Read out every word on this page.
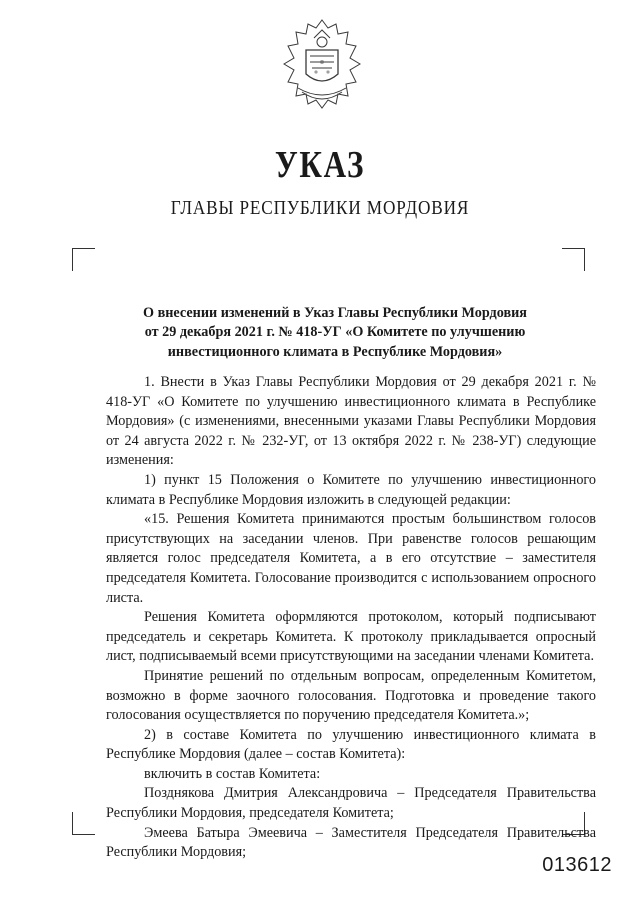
УКАЗ
ГЛАВЫ РЕСПУБЛИКИ МОРДОВИЯ
О внесении изменений в Указ Главы Республики Мордовия
от 29 декабря 2021 г. № 418-УГ «О Комитете по улучшению
инвестиционного климата в Республике Мордовия»

1. Внести в Указ Главы Республики Мордовия от 29 декабря 2021 г. № 418-УГ «О Комитете по улучшению инвестиционного климата в Республике Мордовия» (с изменениями, внесенными указами Главы Республики Мордовия от 24 августа 2022 г. № 232-УГ, от 13 октября 2022 г. № 238-УГ) следующие изменения:

1) пункт 15 Положения о Комитете по улучшению инвестиционного климата в Республике Мордовия изложить в следующей редакции:

«15. Решения Комитета принимаются простым большинством голосов присутствующих на заседании членов. При равенстве голосов решающим является голос председателя Комитета, а в его отсутствие – заместителя председателя Комитета. Голосование производится с использованием опросного листа.

Решения Комитета оформляются протоколом, который подписывают председатель и секретарь Комитета. К протоколу прикладывается опросный лист, подписываемый всеми присутствующими на заседании членами Комитета.

Принятие решений по отдельным вопросам, определенным Комитетом, возможно в форме заочного голосования. Подготовка и проведение такого голосования осуществляется по поручению председателя Комитета.»;

2) в составе Комитета по улучшению инвестиционного климата в Республике Мордовия (далее – состав Комитета):

включить в состав Комитета:

Позднякова Дмитрия Александровича – Председателя Правительства Республики Мордовия, председателя Комитета;

Эмеева Батыра Эмеевича – Заместителя Председателя Правительства Республики Мордовия;

013612
